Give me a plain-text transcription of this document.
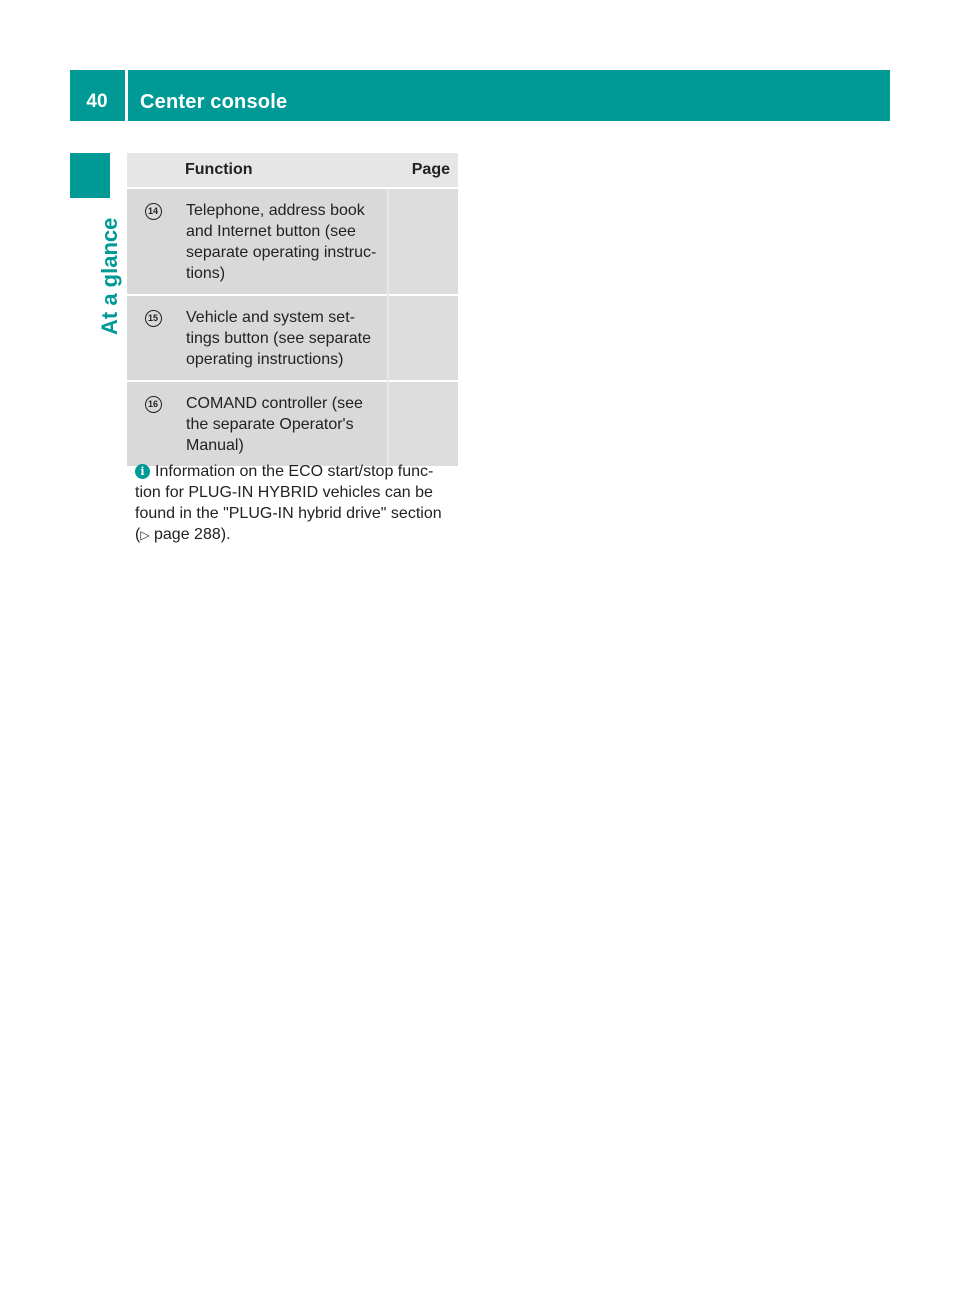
40	Center console
At a glance
	Function	Page
14	Telephone, address book
and Internet button (see
separate operating instruc-
tions)	

15	Vehicle and system set-
tings button (see separate
operating instructions)	

16	COMAND controller (see
the separate Operator's
Manual)	

i Information on the ECO start/stop func-
tion for PLUG-IN HYBRID vehicles can be
found in the "PLUG-IN hybrid drive" section
(▷ page 288).
